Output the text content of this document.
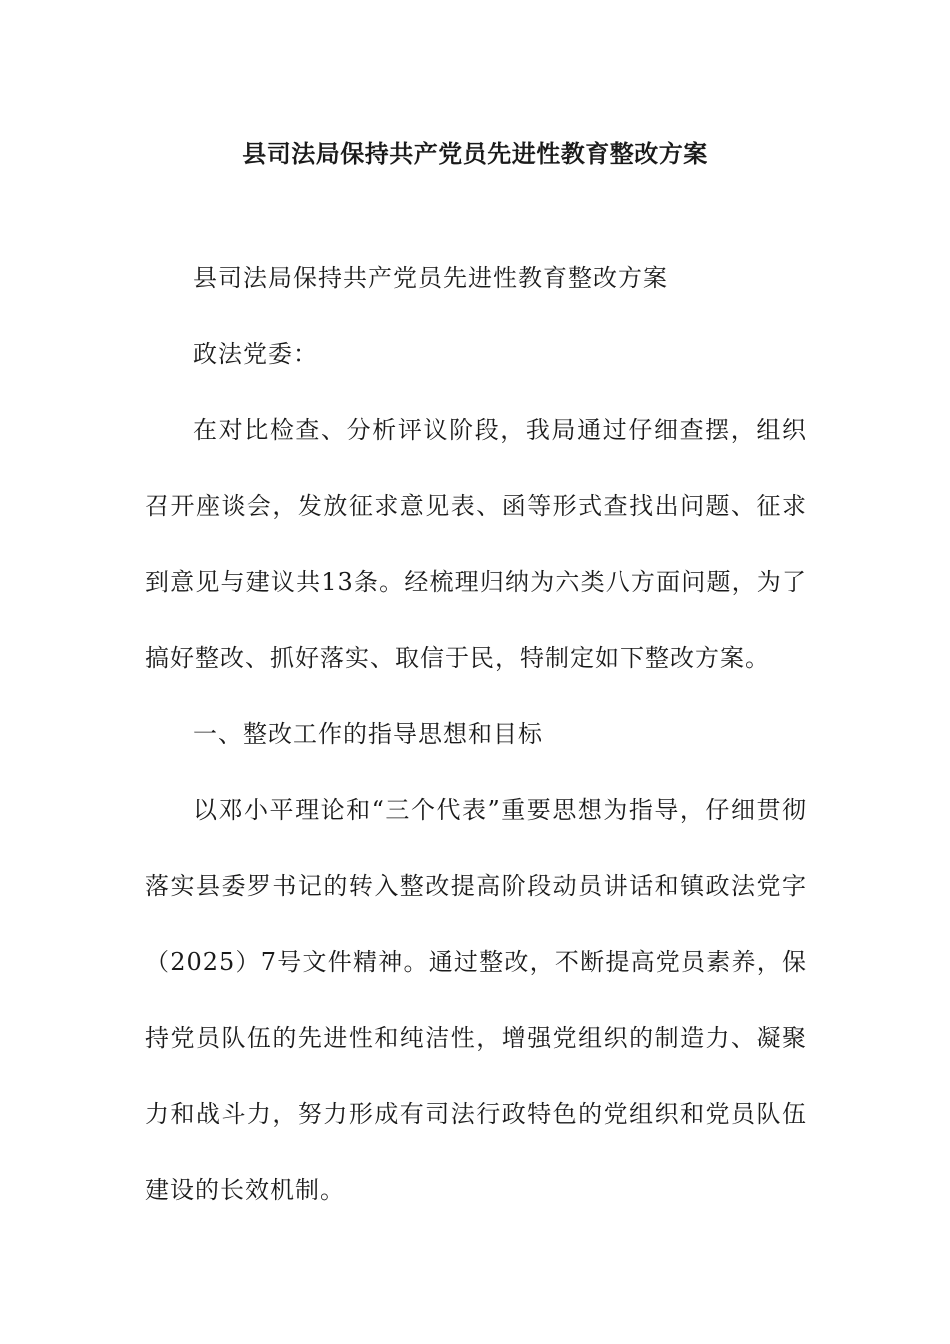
县司法局保持共产党员先进性教育整改方案

县司法局保持共产党员先进性教育整改方案

政法党委：

在对比检查、分析评议阶段，我局通过仔细查摆，组织召开座谈会，发放征求意见表、函等形式查找出问题、征求到意见与建议共13条。经梳理归纳为六类八方面问题，为了搞好整改、抓好落实、取信于民，特制定如下整改方案。

一、整改工作的指导思想和目标

以邓小平理论和“三个代表”重要思想为指导，仔细贯彻落实县委罗书记的转入整改提高阶段动员讲话和镇政法党字（2025）7号文件精神。通过整改，不断提高党员素养，保持党员队伍的先进性和纯洁性，增强党组织的制造力、凝聚力和战斗力，努力形成有司法行政特色的党组织和党员队伍建设的长效机制。
